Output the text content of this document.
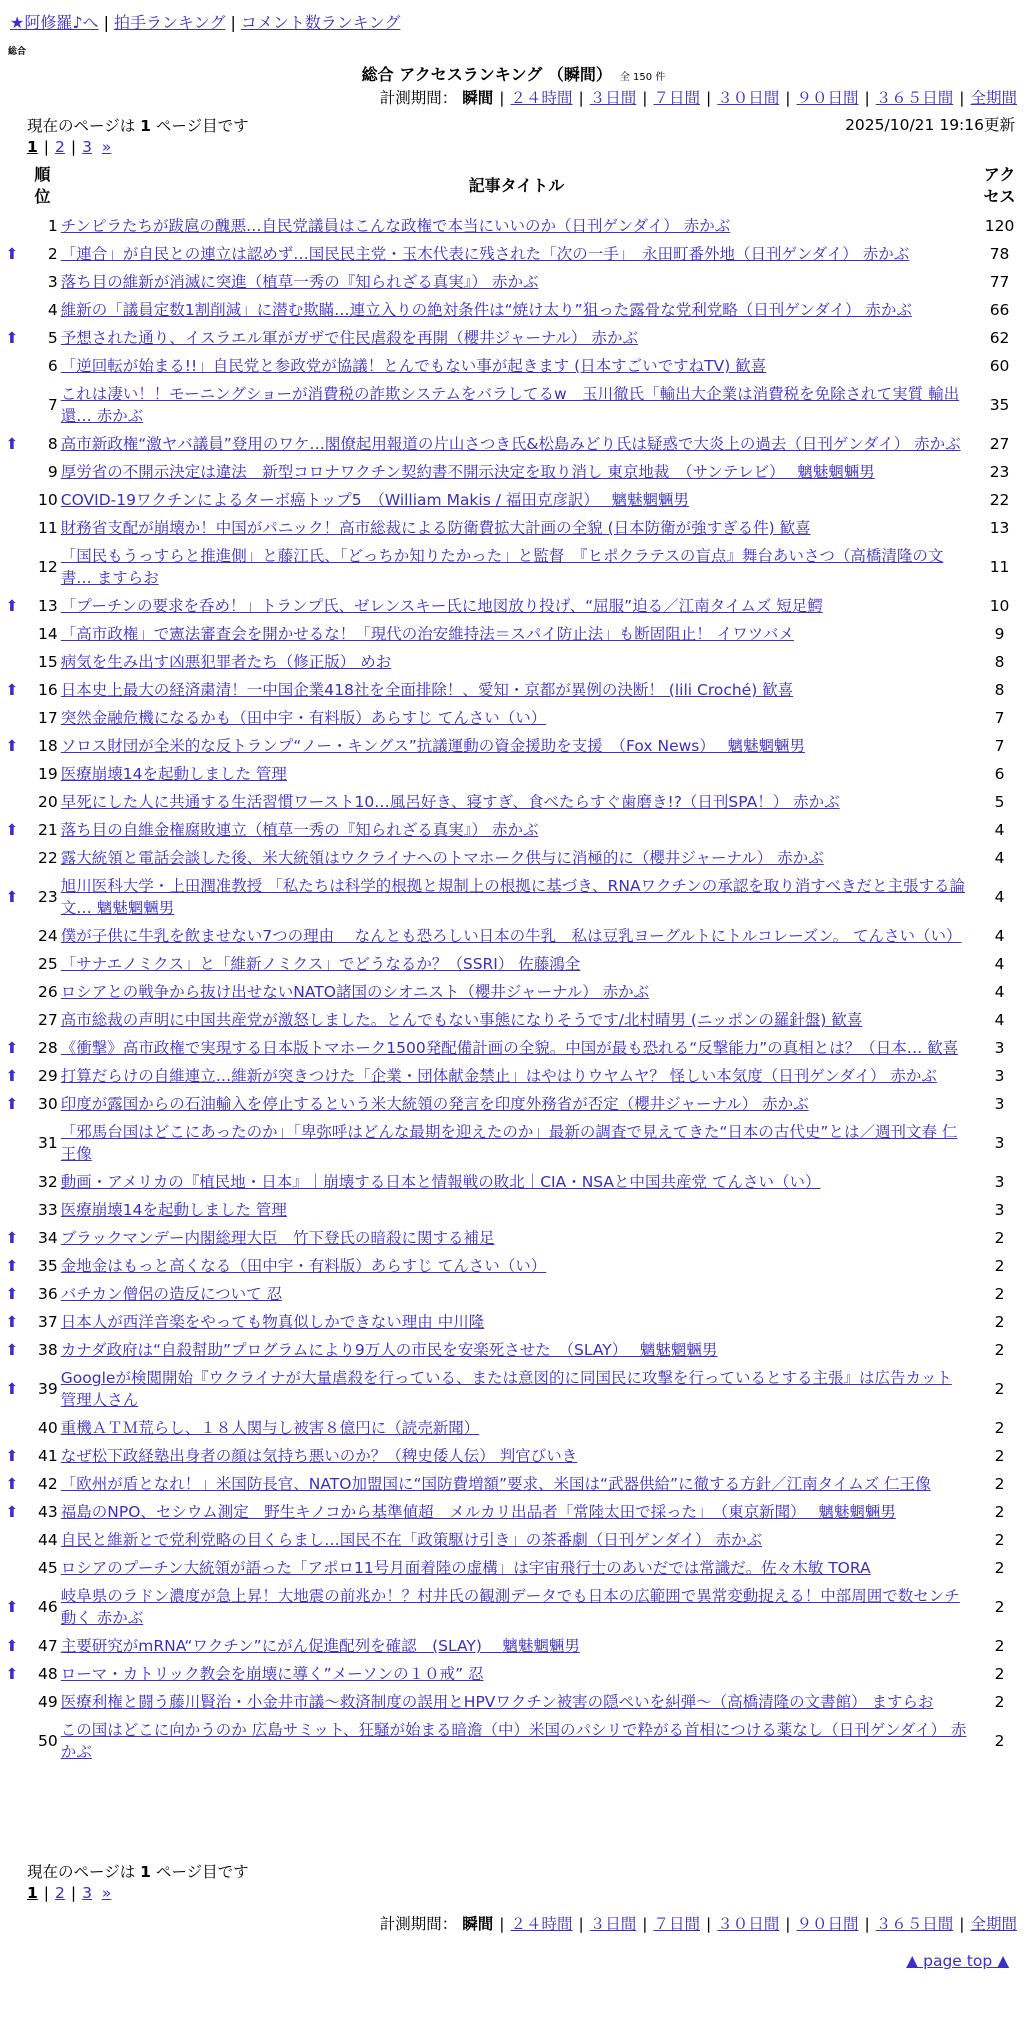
★阿修羅♪へ | 拍手ランキング | コメント数ランキング
総合
総合 アクセスランキング （瞬間） 全 150 件
計測期間： 瞬間 | ２４時間 | ３日間 | ７日間 | ３０日間 | ９０日間 | ３６５日間 | 全期間
現在のページは 1 ページ目です	2025/10/21 19:16更新
1 | 2 | 3 »
	順位	記事タイトル	アクセス
	1	チンピラたちが跋扈の醜悪…自民党議員はこんな政権で本当にいいのか（日刊ゲンダイ） 赤かぶ	120
⬆	2	「連合」が自民との連立は認めず…国民民主党・玉木代表に残された「次の一手」　永田町番外地（日刊ゲンダイ） 赤かぶ	78
	3	落ち目の維新が消滅に突進（植草一秀の『知られざる真実』） 赤かぶ	77
	4	維新の「議員定数1割削減」に潜む欺瞞…連立入りの絶対条件は“焼け太り”狙った露骨な党利党略（日刊ゲンダイ） 赤かぶ	66
⬆	5	予想された通り、イスラエル軍がガザで住民虐殺を再開（櫻井ジャーナル） 赤かぶ	62
	6	「逆回転が始まる!!」自民党と参政党が協議！とんでもない事が起きます (日本すごいですねTV) 歓喜	60
	7	これは凄い！！モーニングショーが消費税の詐欺システムをバラしてるw　玉川徹氏「輸出大企業は消費税を免除されて実質 輸出還… 赤かぶ	35
⬆	8	高市新政権“激ヤバ議員”登用のワケ…閣僚起用報道の片山さつき氏&松島みどり氏は疑惑で大炎上の過去（日刊ゲンダイ） 赤かぶ	27
	9	厚労省の不開示決定は違法　新型コロナワクチン契約書不開示決定を取り消し 東京地裁　（サンテレビ）　 魑魅魍魎男	23
	10	COVID-19ワクチンによるターボ癌トップ5　（William Makis / 福田克彦訳）　 魑魅魍魎男	22
	11	財務省支配が崩壊か！中国がパニック！高市総裁による防衛費拡大計画の全貌 (日本防衛が強すぎる件) 歓喜	13
	12	「国民もうっすらと推進側」と藤江氏、「どっちか知りたかった」と監督　『ヒポクラテスの盲点』舞台あいさつ（高橋清隆の文書… ますらお	11
⬆	13	「プーチンの要求を呑め！」トランプ氏、ゼレンスキー氏に地図放り投げ、“屈服”迫る／江南タイムズ 短足鰐	10
	14	「高市政権」で憲法審査会を開かせるな！「現代の治安維持法＝スパイ防止法」も断固阻止！ イワツバメ	9
	15	病気を生み出す凶悪犯罪者たち（修正版） めお	8
⬆	16	日本史上最大の経済粛清！一中国企業418社を全面排除！、愛知・京都が異例の決断！ (lili Croché) 歓喜	8
	17	突然金融危機になるかも（田中宇・有料版）あらすじ てんさい（い）	7
⬆	18	ソロス財団が全米的な反トランプ“ノー・キングス”抗議運動の資金援助を支援　（Fox News）　 魑魅魍魎男	7
	19	医療崩壊14を起動しました 管理	6
	20	早死にした人に共通する生活習慣ワースト10…風呂好き、寝すぎ、食べたらすぐ歯磨き!?（日刊SPA！） 赤かぶ	5
⬆	21	落ち目の自維金権腐敗連立（植草一秀の『知られざる真実』） 赤かぶ	4
	22	露大統領と電話会談した後、米大統領はウクライナへのトマホーク供与に消極的に（櫻井ジャーナル） 赤かぶ	4
⬆	23	旭川医科大学・上田潤准教授 「私たちは科学的根拠と規制上の根拠に基づき、RNAワクチンの承認を取り消すべきだと主張する論文… 魑魅魍魎男	4
	24	僕が子供に牛乳を飲ませない7つの理由　 なんとも恐ろしい日本の牛乳　私は豆乳ヨーグルトにトルコレーズン。 てんさい（い）	4
	25	「サナエノミクス」と「維新ノミクス」でどうなるか？（SSRI） 佐藤鴻全	4
	26	ロシアとの戦争から抜け出せないNATO諸国のシオニスト（櫻井ジャーナル） 赤かぶ	4
	27	高市総裁の声明に中国共産党が激怒しました。とんでもない事態になりそうです/北村晴男 (ニッポンの羅針盤) 歓喜	4
⬆	28	《衝撃》高市政権で実現する日本版トマホーク1500発配備計画の全貌。中国が最も恐れる“反撃能力”の真相とは？（日本… 歓喜	3
⬆	29	打算だらけの自維連立…維新が突きつけた「企業・団体献金禁止」はやはりウヤムヤ？ 怪しい本気度（日刊ゲンダイ） 赤かぶ	3
⬆	30	印度が露国からの石油輸入を停止するという米大統領の発言を印度外務省が否定（櫻井ジャーナル） 赤かぶ	3
	31	「邪馬台国はどこにあったのか」「卑弥呼はどんな最期を迎えたのか」最新の調査で見えてきた“日本の古代史”とは／週刊文春 仁王像	3
	32	動画・アメリカの『植民地・日本』｜崩壊する日本と情報戦の敗北｜CIA・NSAと中国共産党 てんさい（い）	3
	33	医療崩壊14を起動しました 管理	3
⬆	34	ブラックマンデー内閣総理大臣　竹下登氏の暗殺に関する補足	2
⬆	35	金地金はもっと高くなる（田中宇・有料版）あらすじ てんさい（い）	2
⬆	36	バチカン僧侶の造反について 忍	2
⬆	37	日本人が西洋音楽をやっても物真似しかできない理由 中川隆	2
⬆	38	カナダ政府は“自殺幇助”プログラムにより9万人の市民を安楽死させた　（SLAY）　 魑魅魍魎男	2
⬆	39	Googleが検閲開始『ウクライナが大量虐殺を行っている、または意図的に同国民に攻撃を行っているとする主張』は広告カット 管理人さん	2
	40	重機ＡＴＭ荒らし、１８人関与し被害８億円に（読売新聞）	2
⬆	41	なぜ松下政経塾出身者の顔は気持ち悪いのか？（稗史倭人伝） 判官びいき	2
⬆	42	「欧州が盾となれ！」米国防長官、NATO加盟国に“国防費増額”要求、米国は“武器供給”に徹する方針／江南タイムズ 仁王像	2
⬆	43	福島のNPO、セシウム測定　野生キノコから基準値超　メルカリ出品者「常陸太田で採った」　（東京新聞）　 魑魅魍魎男	2
	44	自民と維新とで党利党略の目くらまし…国民不在「政策駆け引き」の茶番劇（日刊ゲンダイ） 赤かぶ	2
	45	ロシアのプーチン大統領が語った「アポロ11号月面着陸の虚構」は宇宙飛行士のあいだでは常識だ。佐々木敏 TORA	2
⬆	46	岐阜県のラドン濃度が急上昇！大地震の前兆か！？村井氏の観測データでも日本の広範囲で異常変動捉える！中部周囲で数センチ動く 赤かぶ	2
⬆	47	主要研究がmRNA“ワクチン”にがん促進配列を確認　(SLAY)　 魑魅魍魎男	2
⬆	48	ローマ・カトリック教会を崩壊に導く”メーソンの１０戒” 忍	2
	49	医療利権と闘う藤川賢治・小金井市議～救済制度の誤用とHPVワクチン被害の隠ぺいを糾弾～（高橋清隆の文書館） ますらお	2
	50	この国はどこに向かうのか 広島サミット、狂騒が始まる暗澹（中）米国のパシリで粋がる首相につける薬なし（日刊ゲンダイ） 赤かぶ	2
現在のページは 1 ページ目です
1 | 2 | 3 »
計測期間： 瞬間 | ２４時間 | ３日間 | ７日間 | ３０日間 | ９０日間 | ３６５日間 | 全期間
▲ page top ▲
